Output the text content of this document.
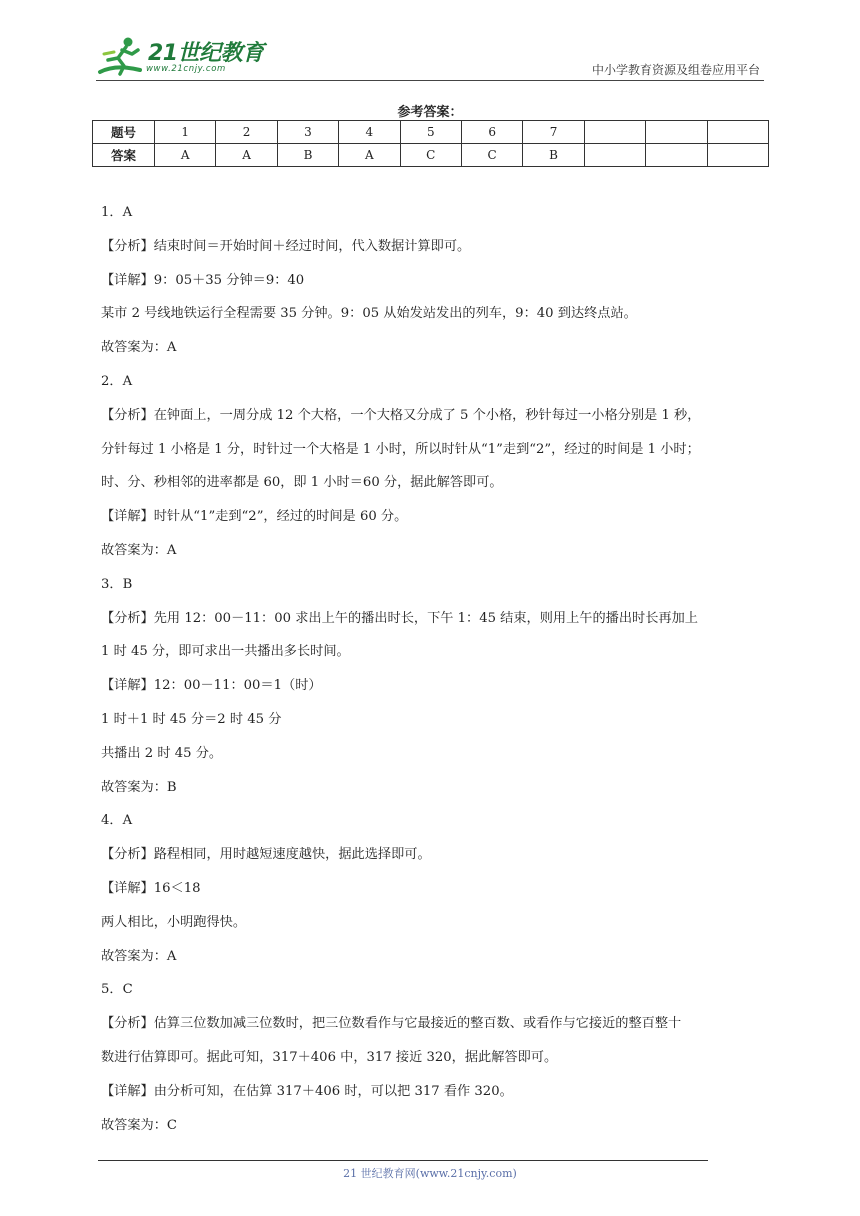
21世纪教育
www.21cnjy.com	中小学教育资源及组卷应用平台
参考答案：
题号	1	2	3	4	5	6	7			
答案	A	A	B	A	C	C	B			
1．A
【分析】结束时间＝开始时间＋经过时间，代入数据计算即可。
【详解】9：05＋35 分钟＝9：40
某市 2 号线地铁运行全程需要 35 分钟。9：05 从始发站发出的列车，9：40 到达终点站。
故答案为：A
2．A
【分析】在钟面上，一周分成 12 个大格，一个大格又分成了 5 个小格，秒针每过一小格分别是 1 秒，
分针每过 1 小格是 1 分，时针过一个大格是 1 小时，所以时针从“1”走到“2”，经过的时间是 1 小时；
时、分、秒相邻的进率都是 60，即 1 小时＝60 分，据此解答即可。
【详解】时针从“1”走到“2”，经过的时间是 60 分。
故答案为：A
3．B
【分析】先用 12：00－11：00 求出上午的播出时长，下午 1：45 结束，则用上午的播出时长再加上
1 时 45 分，即可求出一共播出多长时间。
【详解】12：00－11：00＝1（时）
1 时＋1 时 45 分＝2 时 45 分
共播出 2 时 45 分。
故答案为：B
4．A
【分析】路程相同，用时越短速度越快，据此选择即可。
【详解】16＜18
两人相比，小明跑得快。
故答案为：A
5．C
【分析】估算三位数加减三位数时，把三位数看作与它最接近的整百数、或看作与它接近的整百整十
数进行估算即可。据此可知，317＋406 中，317 接近 320，据此解答即可。
【详解】由分析可知，在估算 317＋406 时，可以把 317 看作 320。
故答案为：C
21 世纪教育网(www.21cnjy.com)
